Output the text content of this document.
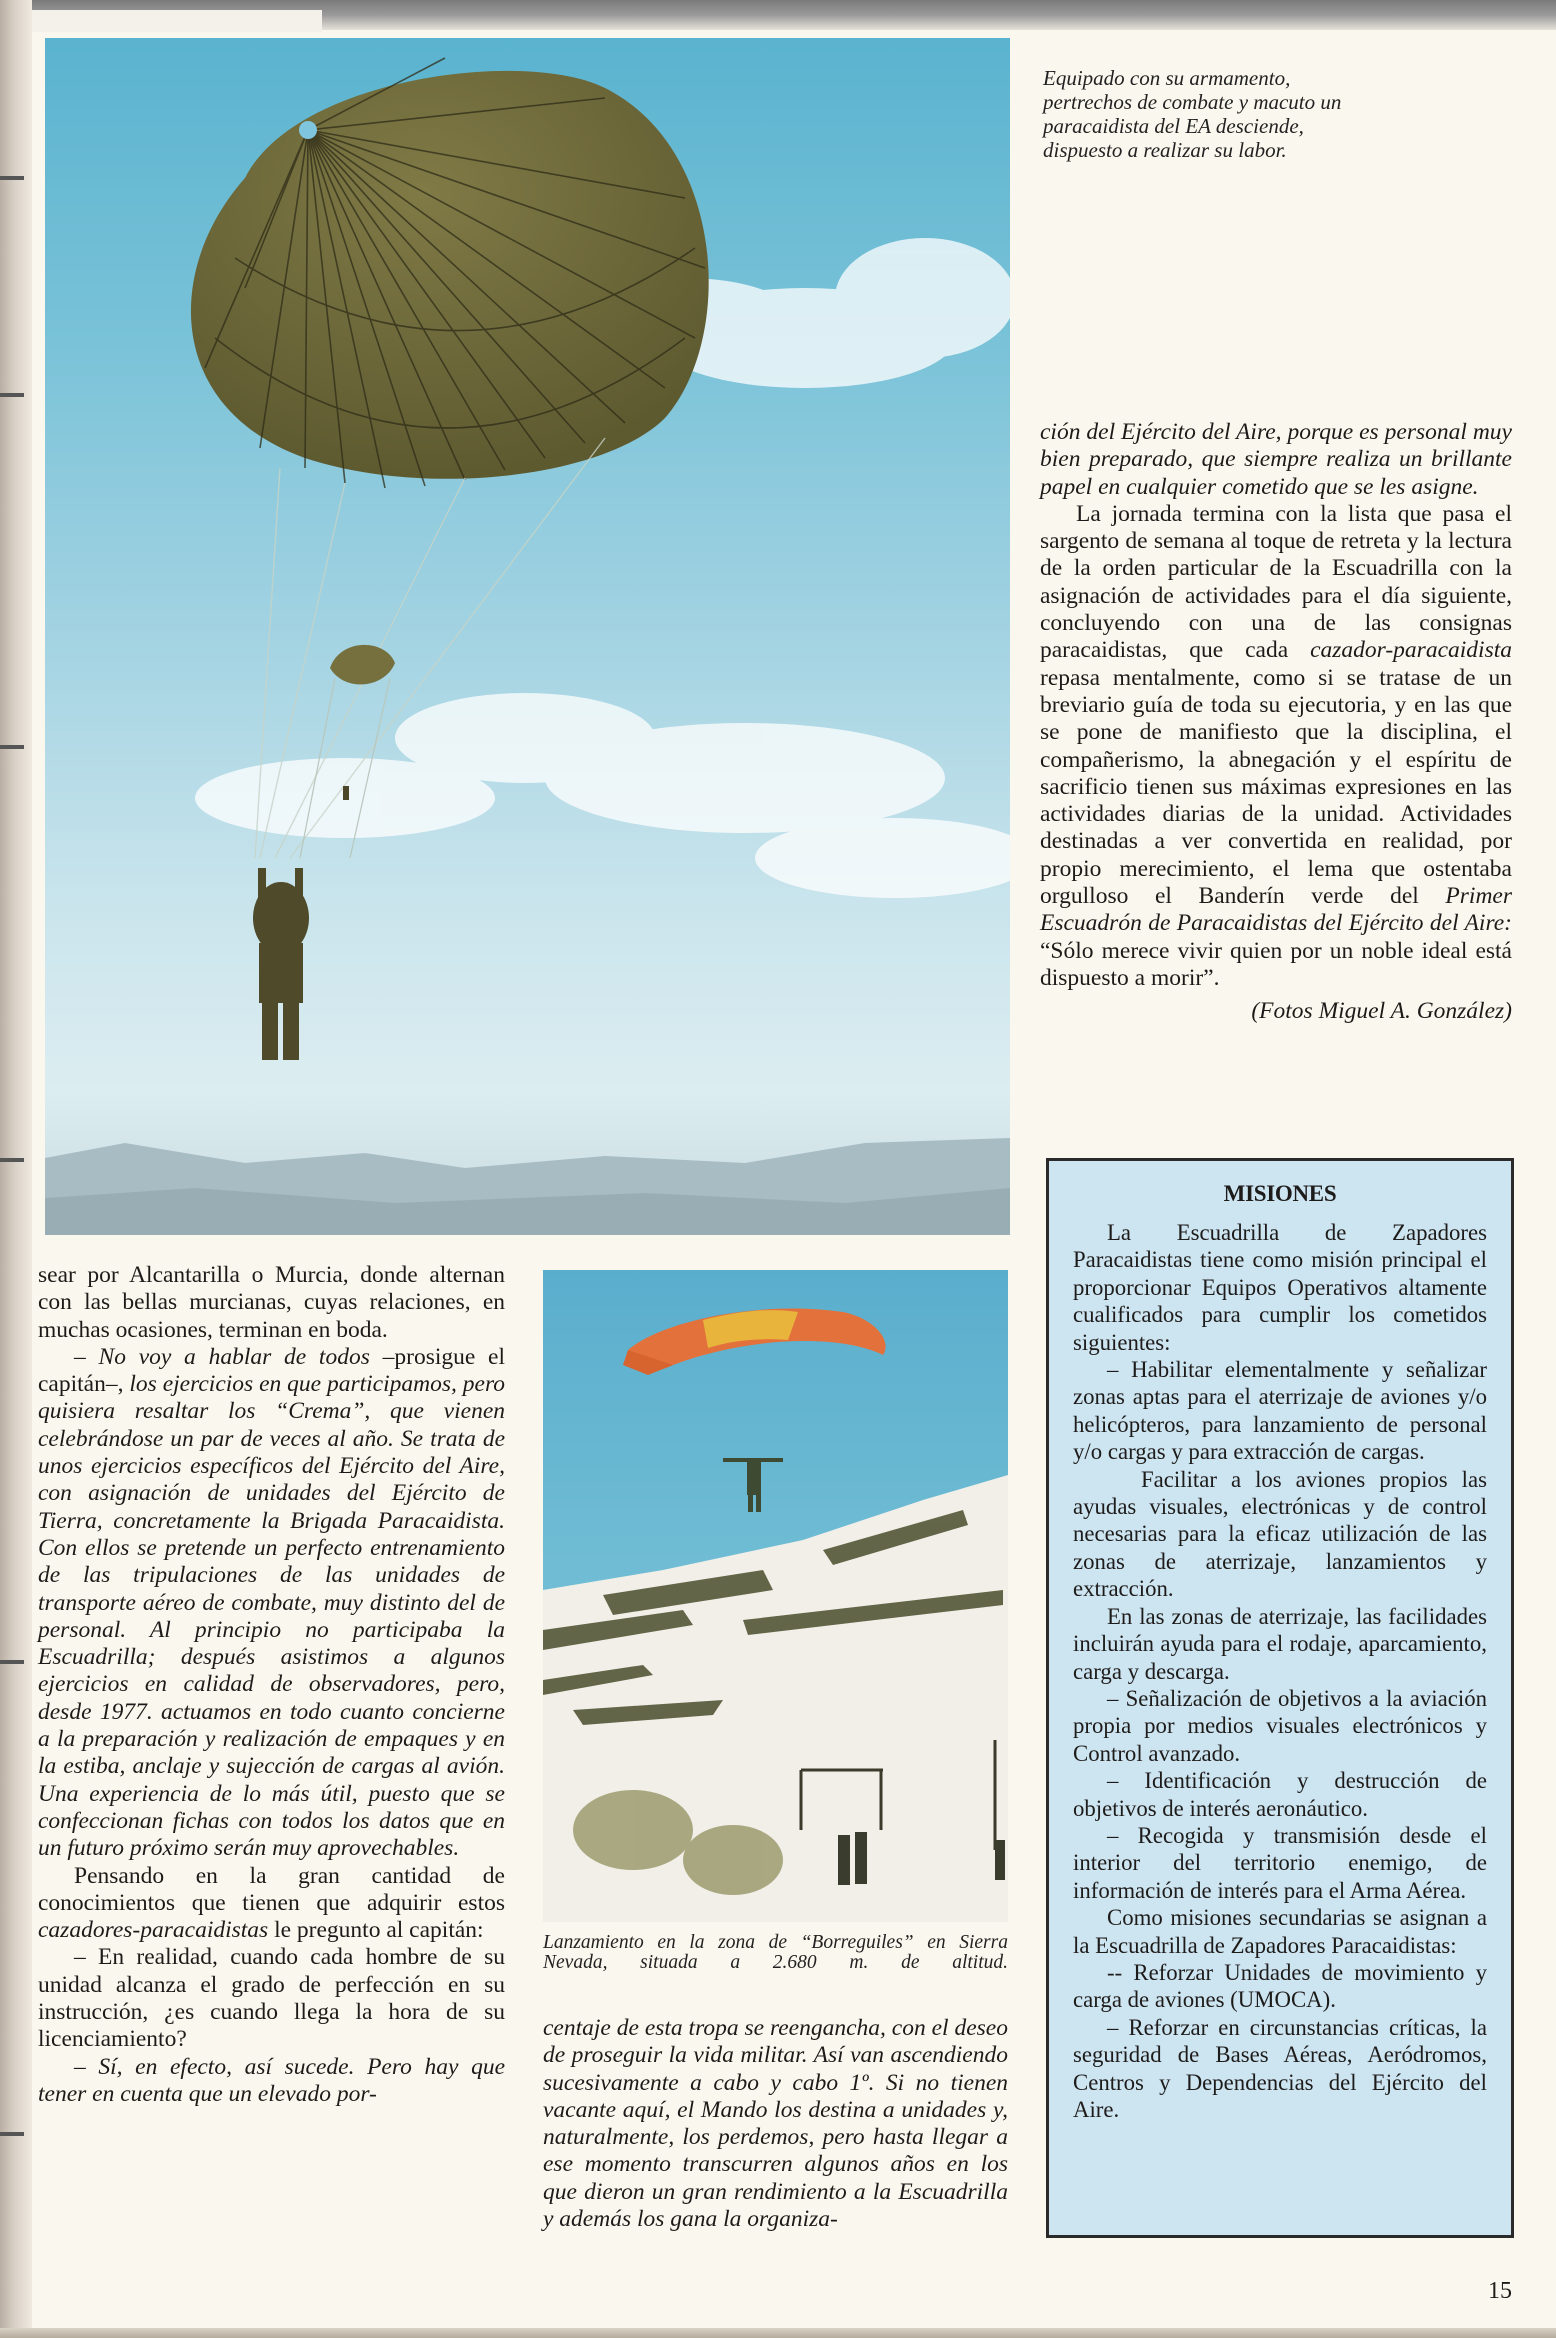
Equipado con su armamento,
pertrechos de combate y macuto un
paracaidista del EA desciende,
dispuesto a realizar su labor.

ción del Ejército del Aire, porque es personal muy bien preparado, que siempre realiza un brillante papel en cualquier cometido que se les asigne.

La jornada termina con la lista que pasa el sargento de semana al toque de retreta y la lectura de la orden particular de la Escuadrilla con la asignación de actividades para el día siguiente, concluyendo con una de las consignas paracaidistas, que cada cazador-paracaidista repasa mentalmente, como si se tratase de un breviario guía de toda su ejecutoria, y en las que se pone de manifiesto que la disciplina, el compañerismo, la abnegación y el espíritu de sacrificio tienen sus máximas expresiones en las actividades diarias de la unidad. Actividades destinadas a ver convertida en realidad, por propio merecimiento, el lema que ostentaba orgulloso el Banderín verde del Primer Escuadrón de Paracaidistas del Ejército del Aire: “Sólo merece vivir quien por un noble ideal está dispuesto a morir”.

(Fotos Miguel A. González)

MISIONES

La Escuadrilla de Zapadores Paracaidistas tiene como misión principal el proporcionar Equipos Operativos altamente cualificados para cumplir los cometidos siguientes:

– Habilitar elementalmente y señalizar zonas aptas para el aterrizaje de aviones y/o helicópteros, para lanzamiento de personal y/o cargas y para extracción de cargas.

Facilitar a los aviones propios las ayudas visuales, electrónicas y de control necesarias para la eficaz utilización de las zonas de aterrizaje, lanzamientos y extracción.

En las zonas de aterrizaje, las facilidades incluirán ayuda para el rodaje, aparcamiento, carga y descarga.

– Señalización de objetivos a la aviación propia por medios visuales electrónicos y Control avanzado.

– Identificación y destrucción de objetivos de interés aeronáutico.

– Recogida y transmisión desde el interior del territorio enemigo, de información de interés para el Arma Aérea.

Como misiones secundarias se asignan a la Escuadrilla de Zapadores Paracaidistas:

-- Reforzar Unidades de movimiento y carga de aviones (UMOCA).

– Reforzar en circunstancias críticas, la seguridad de Bases Aéreas, Aeródromos, Centros y Dependencias del Ejército del Aire.

sear por Alcantarilla o Murcia, donde alternan con las bellas murcianas, cuyas relaciones, en muchas ocasiones, terminan en boda.

– No voy a hablar de todos –prosigue el capitán–, los ejercicios en que participamos, pero quisiera resaltar los “Crema”, que vienen celebrándose un par de veces al año. Se trata de unos ejercicios específicos del Ejército del Aire, con asignación de unidades del Ejército de Tierra, concretamente la Brigada Paracaidista. Con ellos se pretende un perfecto entrenamiento de las tripulaciones de las unidades de transporte aéreo de combate, muy distinto del de personal. Al principio no participaba la Escuadrilla; después asistimos a algunos ejercicios en calidad de observadores, pero, desde 1977. actuamos en todo cuanto concierne a la preparación y realización de empaques y en la estiba, anclaje y sujección de cargas al avión. Una experiencia de lo más útil, puesto que se confeccionan fichas con todos los datos que en un futuro próximo serán muy aprovechables.

Pensando en la gran cantidad de conocimientos que tienen que adquirir estos cazadores-paracaidistas le pregunto al capitán:

– En realidad, cuando cada hombre de su unidad alcanza el grado de perfección en su instrucción, ¿es cuando llega la hora de su licenciamiento?

– Sí, en efecto, así sucede. Pero hay que tener en cuenta que un elevado por-

Lanzamiento en la zona de “Borreguiles” en Sierra Nevada, situada a 2.680 m. de altitud.

centaje de esta tropa se reengancha, con el deseo de proseguir la vida militar. Así van ascendiendo sucesivamente a cabo y cabo 1º. Si no tienen vacante aquí, el Mando los destina a unidades y, naturalmente, los perdemos, pero hasta llegar a ese momento transcurren algunos años en los que dieron un gran rendimiento a la Escuadrilla y además los gana la organiza-

15
